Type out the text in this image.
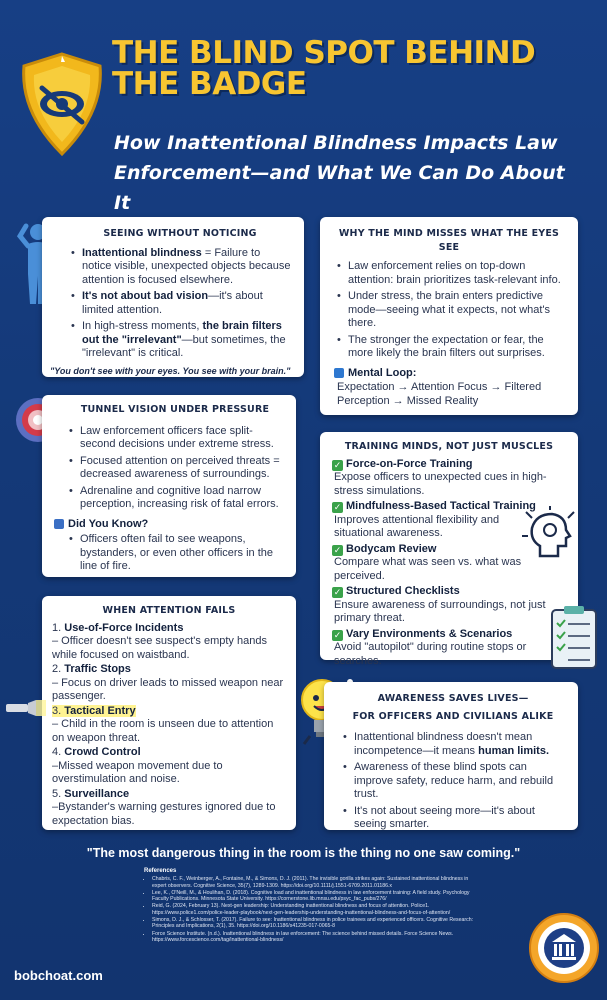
THE BLIND SPOT BEHIND THE BADGE
How Inattentional Blindness Impacts Law Enforcement—and What We Can Do About It
SEEING WITHOUT NOTICING
• Inattentional blindness = Failure to notice visible, unexpected objects because attention is focused elsewhere.
• It's not about bad vision—it's about limited attention.
• In high-stress moments, the brain filters out the "irrelevant"—but sometimes, the "irrelevant" is critical.
"You don't see with your eyes. You see with your brain."
WHY THE MIND MISSES WHAT THE EYES SEE
• Law enforcement relies on top-down attention: brain prioritizes task-relevant info.
• Under stress, the brain enters predictive mode—seeing what it expects, not what's there.
• The stronger the expectation or fear, the more likely the brain filters out surprises.
Mental Loop:
Expectation → Attention Focus → Filtered Perception → Missed Reality
TUNNEL VISION UNDER PRESSURE
• Law enforcement officers face split-second decisions under extreme stress.
• Focused attention on perceived threats = decreased awareness of surroundings.
• Adrenaline and cognitive load narrow perception, increasing risk of fatal errors.
Did You Know?
• Officers often fail to see weapons, bystanders, or even other officers in the line of fire.
TRAINING MINDS, NOT JUST MUSCLES
✓ Force-on-Force Training
Expose officers to unexpected cues in high-stress simulations.
✓ Mindfulness-Based Tactical Training
Improves attentional flexibility and situational awareness.
✓ Bodycam Review
Compare what was seen vs. what was perceived.
✓ Structured Checklists
Ensure awareness of surroundings, not just primary threat.
✓ Vary Environments & Scenarios
Avoid "autopilot" during routine stops or searches.
WHEN ATTENTION FAILS
1. Use-of-Force Incidents
– Officer doesn't see suspect's empty hands while focused on waistband.
2. Traffic Stops
– Focus on driver leads to missed weapon near passenger.
3. Tactical Entry
– Child in the room is unseen due to attention on weapon threat.
4. Crowd Control
–Missed weapon movement due to overstimulation and noise.
5. Surveillance
–Bystander's warning gestures ignored due to expectation bias.
AWARENESS SAVES LIVES—
FOR OFFICERS AND CIVILIANS ALIKE
• Inattentional blindness doesn't mean incompetence—it means human limits.
• Awareness of these blind spots can improve safety, reduce harm, and rebuild trust.
• It's not about seeing more—it's about seeing smarter.
"The most dangerous thing in the room is the thing no one saw coming."
References
• Chabris, C. F., Weinberger, A., Fontaine, M., & Simons, D. J. (2011). The invisible gorilla strikes again: Sustained inattentional blindness in expert observers. Cognitive Science, 35(7), 1289-1309. https://doi.org/10.1111/j.1551-6709.2011.01186.x
• Lee, K., O'Neill, M., & Houlihan, D. (2018). Cognitive load and inattentional blindness in law enforcement training: A field study. Psychology Faculty Publications. Minnesota State University. https://cornerstone.lib.mnsu.edu/psyc_fac_pubs/276/
• Reid, G. (2024, February 13). Next-gen leadership: Understanding inattentional blindness and focus of attention. Police1. https://www.police1.com/police-leader-playbook/next-gen-leadership-understanding-inattentional-blindness-and-focus-of-attention/
• Simons, D. J., & Schlosser, T. (2017). Failure to see: Inattentional blindness in police trainees and experienced officers. Cognitive Research: Principles and Implications, 2(1), 35. https://doi.org/10.1186/s41235-017-0065-8
• Force Science Institute. (n.d.). Inattentional blindness in law enforcement: The science behind missed details. Force Science News. https://www.forcescience.com/tag/inattentional-blindness/
bobchoat.com
